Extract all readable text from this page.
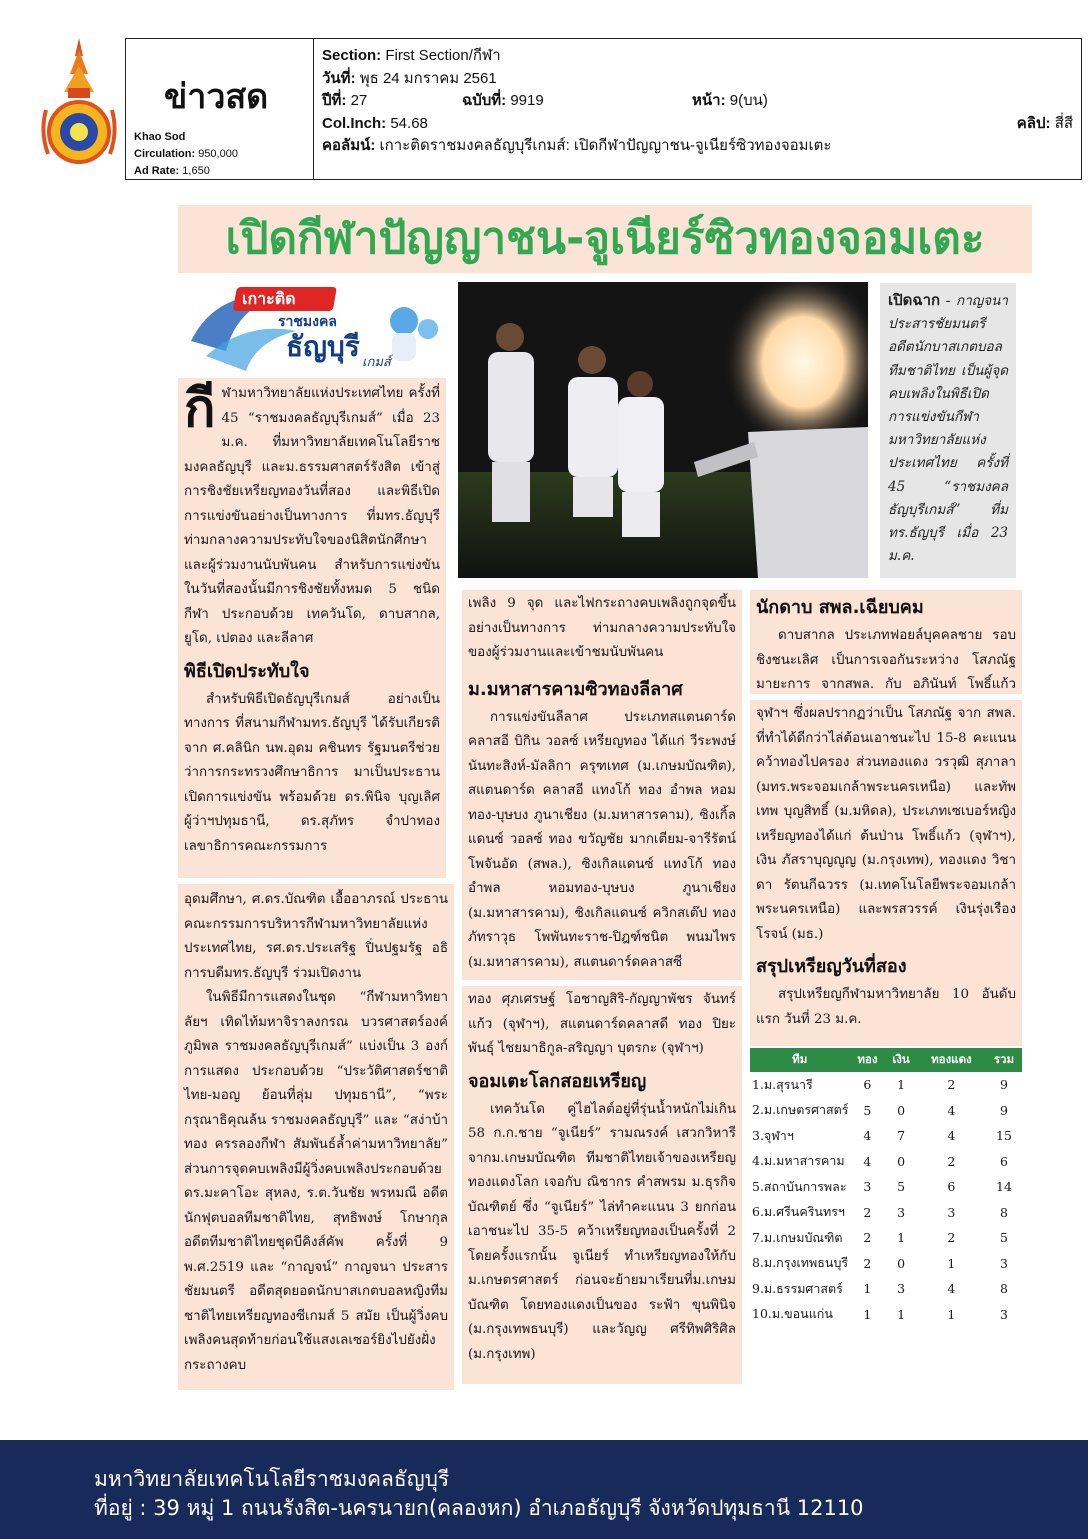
ข่าวสด
Khao Sod
Circulation: 950,000
Ad Rate: 1,650
Section: First Section/กีฬา
วันที่: พุธ 24 มกราคม 2561
ปีที่: 27	ฉบับที่: 9919	หน้า: 9(บน)
Col.Inch: 54.68	คลิป: สี่สี
คอลัมน์: เกาะติดราชมงคลธัญบุรีเกมส์: เปิดกีฬาปัญญาชน-จูเนียร์ซิวทองจอมเตะ
เปิดกีฬาปัญญาชน-จูเนียร์ซิวทองจอมเตะ
เกาะติด
ราชมงคล
ธัญบุรี เกมส์
เปิดฉาก - กาญจนา ประสารชัยมนตรี อดีตนักบาสเกตบอลทีมชาติไทย เป็นผู้จุดคบเพลิงในพิธีเปิดการแข่งขันกีฬามหาวิทยาลัยแห่งประเทศไทย ครั้งที่ 45 “ราชมงคลธัญบุรีเกมส์” ที่มทร.ธัญบุรี เมื่อ 23 ม.ค.
กี ฬามหาวิทยาลัยแห่งประเทศไทย ครั้งที่ 45 “ราชมงคลธัญบุรีเกมส์” เมื่อ 23 ม.ค. ที่มหาวิทยาลัยเทคโนโลยีราชมงคลธัญบุรี และม.ธรรมศาสตร์รังสิต เข้าสู่การชิงชัยเหรียญทองวันที่สอง และพิธีเปิดการแข่งขันอย่างเป็นทางการ ที่มทร.ธัญบุรี ท่ามกลางความประทับใจของนิสิตนักศึกษา และผู้ร่วมงานนับพันคน สำหรับการแข่งขันในวันที่สองนั้นมีการชิงชัยทั้งหมด 5 ชนิดกีฬา ประกอบด้วย เทควันโด, ดาบสากล, ยูโด, เปตอง และลีลาศ
พิธีเปิดประทับใจ

สำหรับพิธีเปิดธัญบุรีเกมส์ อย่างเป็นทางการ ที่สนามกีฬามทร.ธัญบุรี ได้รับเกียรติจาก ศ.คลินิก นพ.อุดม คชินทร รัฐมนตรีช่วยว่าการกระทรวงศึกษาธิการ มาเป็นประธานเปิดการแข่งขัน พร้อมด้วย ดร.พินิจ บุญเลิศ ผู้ว่าฯปทุมธานี, ดร.สุภัทร จำปาทอง เลขาธิการคณะกรรมการ

อุดมศึกษา, ศ.ดร.บัณฑิต เอื้ออาภรณ์ ประธานคณะกรรมการบริหารกีฬามหาวิทยาลัยแห่งประเทศไทย, รศ.ดร.ประเสริฐ ปิ่นปฐมรัฐ อธิการบดีมทร.ธัญบุรี ร่วมเปิดงาน

ในพิธีมีการแสดงในชุด “กีฬามหาวิทยาลัยฯ เทิดไท้มหาจิราลงกรณ บวรศาสตร์องค์ภูมิพล ราชมงคลธัญบุรีเกมส์” แบ่งเป็น 3 องก์การแสดง ประกอบด้วย “ประวัติศาสตร์ชาติไทย-มอญ ย้อนที่ลุ่ม ปทุมธานี”, “พระกรุณาธิคุณล้น ราชมงคลธัญบุรี” และ “สง่าบ้าทอง ครรลองกีฬา สัมพันธ์ล้ำค่ามหาวิทยาลัย” ส่วนการจุดคบเพลิงมีผู้วิ่งคบเพลิงประกอบด้วย ดร.มะคาโอะ สุหลง, ร.ต.วันชัย พรหมณี อดีตนักฟุตบอลทีมชาติไทย, สุทธิพงษ์ โกษากุล อดีตทีมชาติไทยชุดบีคิงส์คัพ ครั้งที่ 9 พ.ศ.2519 และ “กาญจน์” กาญจนา ประสารชัยมนตรี อดีตสุดยอดนักบาสเกตบอลหญิงทีมชาติไทยเหรียญทองซีเกมส์ 5 สมัย เป็นผู้วิ่งคบเพลิงคนสุดท้ายก่อนใช้แสงเลเซอร์ยิงไปยังฝั่งกระถางคบ

เพลิง 9 จุด และไฟกระถางคบเพลิงถูกจุดขึ้นอย่างเป็นทางการ ท่ามกลางความประทับใจของผู้ร่วมงานและเข้าชมนับพันคน

ม.มหาสารคามซิวทองลีลาศ

การแข่งขันลีลาศ ประเภทสแตนดาร์ดคลาสอี บิกิน วอลซ์ เหรียญทอง ได้แก่ วีระพงษ์ นันทะสิงห์-มัลลิกา ครุฑเทศ (ม.เกษมบัณฑิต), สแตนดาร์ด คลาสอี แทงโก้ ทอง อำพล หอมทอง-บุษบง ภูนาเชียง (ม.มหาสารคาม), ซิงเกิ้ลแดนซ์ วอลซ์ ทอง ขวัญชัย มากเตียม-จารีรัตน์ โพจันอัด (สพล.), ซิงเกิลแดนซ์ แทงโก้ ทอง อำพล หอมทอง-บุษบง ภูนาเชียง (ม.มหาสารคาม), ซิงเกิลแดนซ์ ควิกสเต๊ป ทอง ภัทราวุธ โพพันทะราช-ปิฎฑ์ชนิต พนมไพร (ม.มหาสารคาม), สแตนดาร์ดคลาสซี

ทอง ศุภเศรษฐ์ โอชาญสิริ-กัญญาพัชร จันทร์แก้ว (จุฬาฯ), สแตนดาร์ดคลาสดี ทอง ปิยะพันธุ์ ไชยมาธิกูล-สริญญา บุตรกะ (จุฬาฯ)

จอมเตะโลกสอยเหรียญ

เทควันโด คู่ไฮไลต์อยู่ที่รุ่นน้ำหนักไม่เกิน 58 ก.ก.ชาย “จูเนียร์” รามณรงค์ เสวกวิหารี จากม.เกษมบัณฑิต ทีมชาติไทยเจ้าของเหรียญทองแดงโลก เจอกับ ณิชากร คำสพรม ม.ธุรกิจบัณฑิตย์ ซึ่ง “จูเนียร์” ไล่ทำคะแนน 3 ยกก่อนเอาชนะไป 35-5 คว้าเหรียญทองเป็นครั้งที่ 2 โดยครั้งแรกนั้น จูเนียร์ ทำเหรียญทองให้กับม.เกษตรศาสตร์ ก่อนจะย้ายมาเรียนที่ม.เกษมบัณฑิต โดยทองแดงเป็นของ ระฟ้า ขุนพินิจ (ม.กรุงเทพธนบุรี) และวัญญ ศรีทิพศิริศิล (ม.กรุงเทพ)

นักดาบ สพล.เฉียบคม

ดาบสากล ประเภทฟอยล์บุคคลชาย รอบชิงชนะเลิศ เป็นการเจอกันระหว่าง โสภณัฐ มายะการ จากสพล. กับ อภินันท์ โพธิ์แก้ว

จุฬาฯ ซึ่งผลปรากฏว่าเป็น โสภณัฐ จาก สพล. ที่ทำได้ดีกว่าไล่ต้อนเอาชนะไป 15-8 คะแนน คว้าทองไปครอง ส่วนทองแดง วรวุฒิ สุภาลา (มทร.พระจอมเกล้าพระนครเหนือ) และทัพเทพ บุญสิทธิ์ (ม.มหิดล), ประเภทเซเบอร์หญิง เหรียญทองได้แก่ ต้นป่าน โพธิ์แก้ว (จุฬาฯ), เงิน ภัสราบุญญูญ (ม.กรุงเทพ), ทองแดง วิชาดา รัตนกีฉวรร (ม.เทคโนโลยีพระจอมเกล้าพระนครเหนือ) และพรสวรรค์ เงินรุ่งเรืองโรจน์ (มธ.)

สรุปเหรียญวันที่สอง

สรุปเหรียญกีฬามหาวิทยาลัย 10 อันดับแรก วันที่ 23 ม.ค.

ทีม	ทอง	เงิน	ทองแดง	รวม
1.ม.สุรนารี	6	1	2	9
2.ม.เกษตรศาสตร์	5	0	4	9
3.จุฬาฯ	4	7	4	15
4.ม.มหาสารคาม	4	0	2	6
5.สถาบันการพละ	3	5	6	14
6.ม.ศรีนครินทรฯ	2	3	3	8
7.ม.เกษมบัณฑิต	2	1	2	5
8.ม.กรุงเทพธนบุรี	2	0	1	3
9.ม.ธรรมศาสตร์	1	3	4	8
10.ม.ขอนแก่น	1	1	1	3
มหาวิทยาลัยเทคโนโลยีราชมงคลธัญบุรี
ที่อยู่ : 39 หมู่ 1 ถนนรังสิต-นครนายก(คลองหก) อำเภอธัญบุรี จังหวัดปทุมธานี 12110
